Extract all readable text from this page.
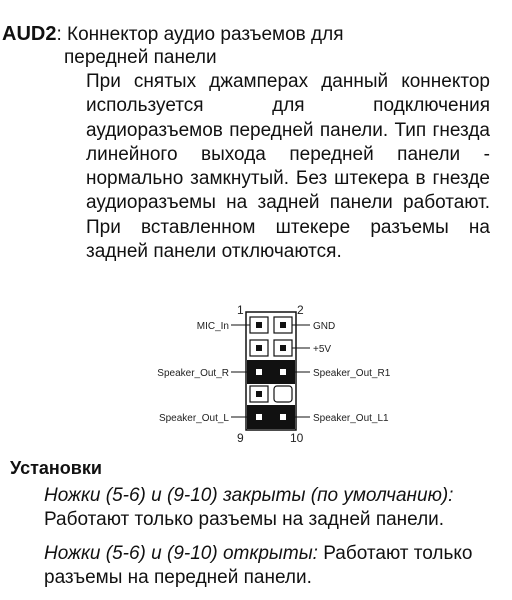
AUD2: Коннектор аудио разъемов для
передней панели

При снятых джамперах данный коннектор используется для подключения аудиоразъемов передней панели. Тип гнезда линейного выхода передней панели - нормально замкнутый. Без штекера в гнезде аудиоразъемы на задней панели работают. При вставленном штекере разъемы на задней панели отключаются.

1	2
9	10
MIC_In
Speaker_Out_R
Speaker_Out_L
GND
+5V
Speaker_Out_R1
Speaker_Out_L1
Установки
Ножки (5-6) и (9-10) закрыты (по умолчанию):
Работают только разъемы на задней панели.
Ножки (5-6) и (9-10) открыты: Работают только разъемы на передней панели.
